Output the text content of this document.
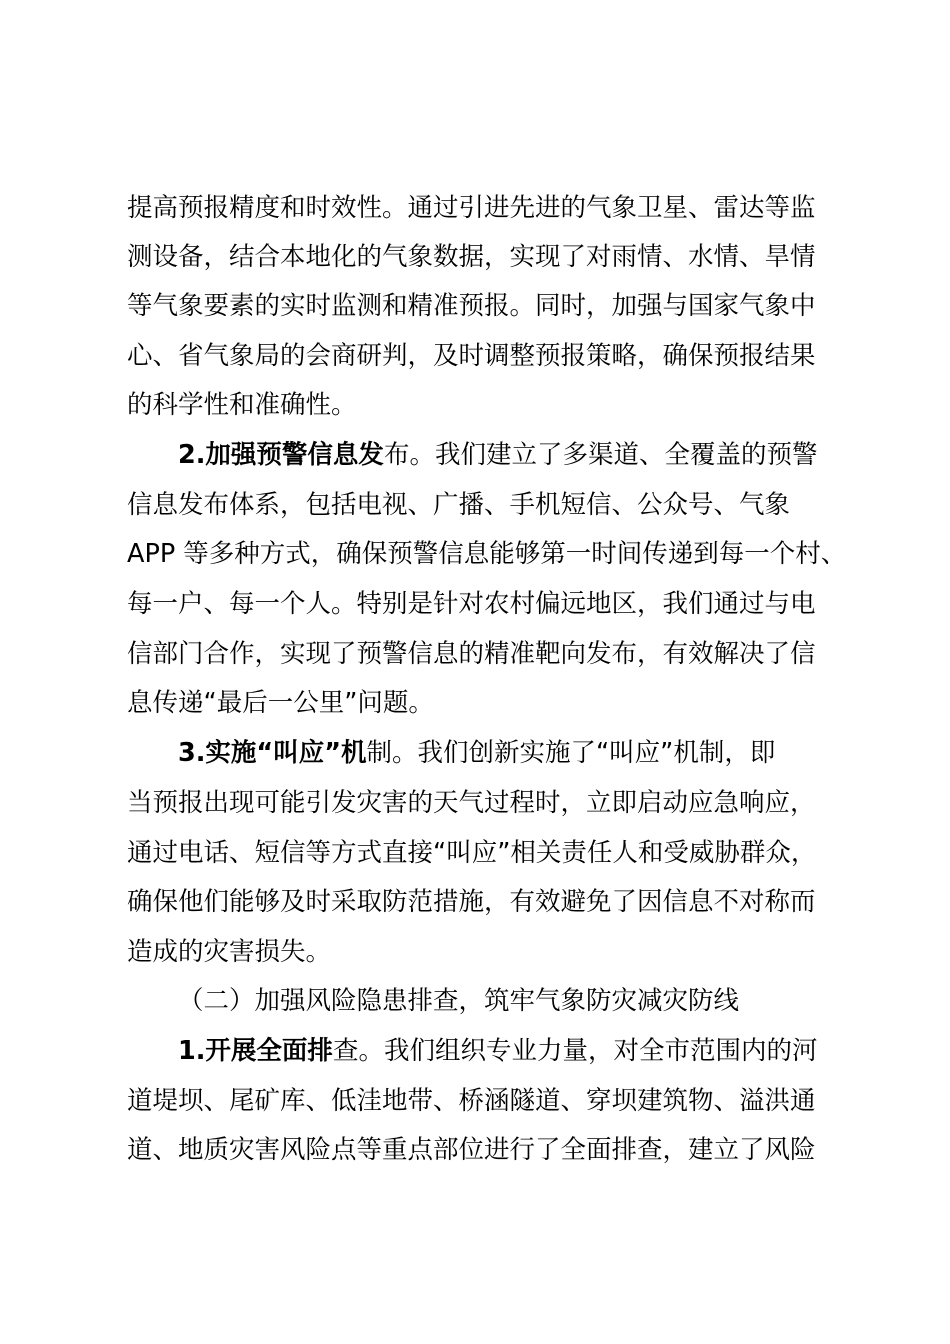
提高预报精度和时效性。通过引进先进的气象卫星、雷达等监
测设备，结合本地化的气象数据，实现了对雨情、水情、旱情
等气象要素的实时监测和精准预报。同时，加强与国家气象中
心、省气象局的会商研判，及时调整预报策略，确保预报结果
的科学性和准确性。
2.加强预警信息发布。我们建立了多渠道、全覆盖的预警
信息发布体系，包括电视、广播、手机短信、公众号、气象
APP 等多种方式，确保预警信息能够第一时间传递到每一个村、
每一户、每一个人。特别是针对农村偏远地区，我们通过与电
信部门合作，实现了预警信息的精准靶向发布，有效解决了信
息传递“最后一公里”问题。
3.实施“叫应”机制。我们创新实施了“叫应”机制，即
当预报出现可能引发灾害的天气过程时，立即启动应急响应，
通过电话、短信等方式直接“叫应”相关责任人和受威胁群众，
确保他们能够及时采取防范措施，有效避免了因信息不对称而
造成的灾害损失。
（二）加强风险隐患排查，筑牢气象防灾减灾防线
1.开展全面排查。我们组织专业力量，对全市范围内的河
道堤坝、尾矿库、低洼地带、桥涵隧道、穿坝建筑物、溢洪通
道、地质灾害风险点等重点部位进行了全面排查，建立了风险
